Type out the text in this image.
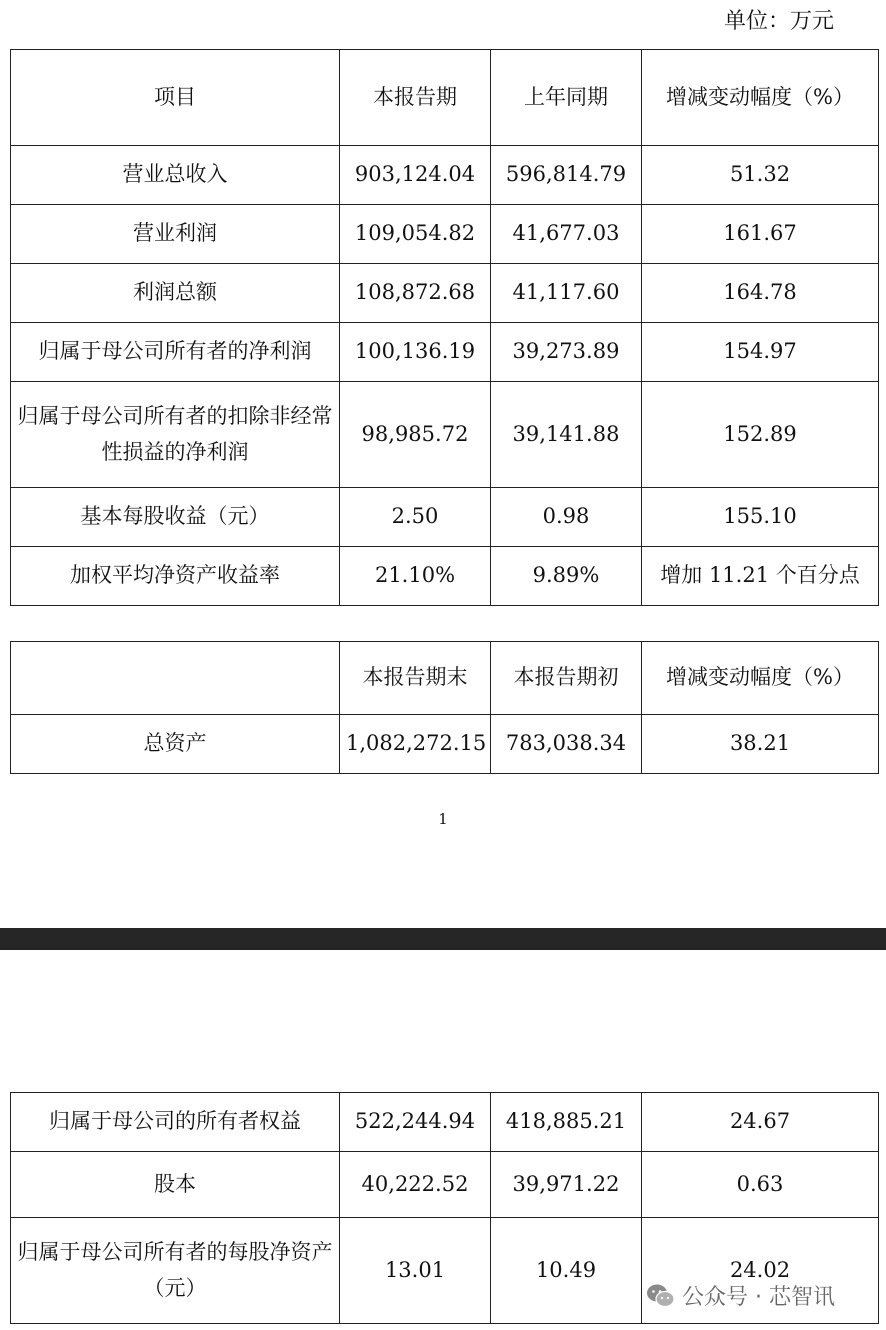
单位：万元
项目	本报告期	上年同期	增减变动幅度（%）
营业总收入	903,124.04	596,814.79	51.32
营业利润	109,054.82	41,677.03	161.67
利润总额	108,872.68	41,117.60	164.78
归属于母公司所有者的净利润	100,136.19	39,273.89	154.97
归属于母公司所有者的扣除非经常性损益的净利润	98,985.72	39,141.88	152.89
基本每股收益（元）	2.50	0.98	155.10
加权平均净资产收益率	21.10%	9.89%	增加 11.21 个百分点
	本报告期末	本报告期初	增减变动幅度（%）
总资产	1,082,272.15	783,038.34	38.21
1
归属于母公司的所有者权益	522,244.94	418,885.21	24.67
股本	40,222.52	39,971.22	0.63
归属于母公司所有者的每股净资产（元）	13.01	10.49	24.02
公众号 · 芯智讯
